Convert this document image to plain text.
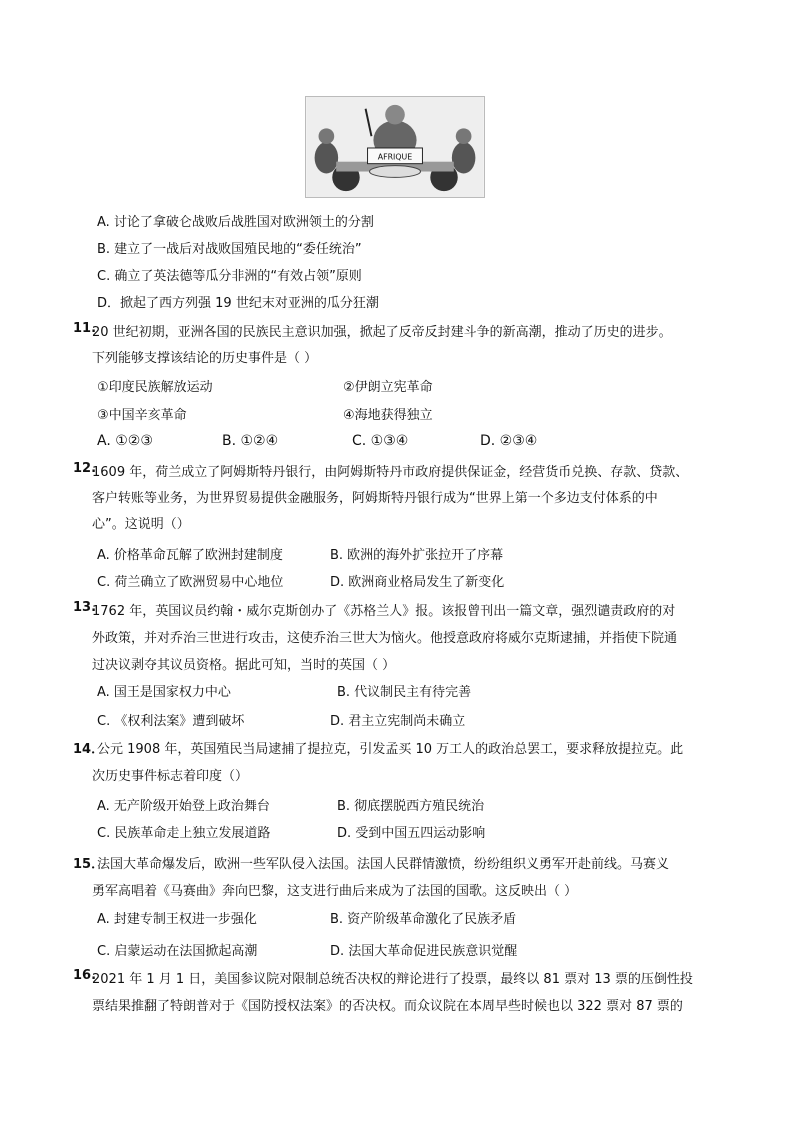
AFRIQUE
A. 讨论了拿破仑战败后战胜国对欧洲领土的分割
B. 建立了一战后对战败国殖民地的“委任统治”
C. 确立了英法德等瓜分非洲的“有效占领”原则
D．掀起了西方列强 19 世纪末对亚洲的瓜分狂潮
11.
20 世纪初期，亚洲各国的民族民主意识加强，掀起了反帝反封建斗争的新高潮，推动了历史的进步。
下列能够支撑该结论的历史事件是（ ）
①印度民族解放运动	②伊朗立宪革命
③中国辛亥革命	④海地获得独立
A. ①②③	B. ①②④	C. ①③④	D. ②③④
12.
1609 年，荷兰成立了阿姆斯特丹银行，由阿姆斯特丹市政府提供保证金，经营货币兑换、存款、贷款、
客户转账等业务，为世界贸易提供金融服务，阿姆斯特丹银行成为“世界上第一个多边支付体系的中
心”。这说明（）
A. 价格革命瓦解了欧洲封建制度	B. 欧洲的海外扩张拉开了序幕
C. 荷兰确立了欧洲贸易中心地位	D. 欧洲商业格局发生了新变化
13.
1762 年，英国议员约翰・威尔克斯创办了《苏格兰人》报。该报曾刊出一篇文章，强烈谴责政府的对
外政策，并对乔治三世进行攻击，这使乔治三世大为恼火。他授意政府将威尔克斯逮捕，并指使下院通
过决议剥夺其议员资格。据此可知，当时的英国（ ）
A. 国王是国家权力中心	B. 代议制民主有待完善
C. 《权利法案》遭到破坏	D. 君主立宪制尚未确立
14．
公元 1908 年，英国殖民当局逮捕了提拉克，引发孟买 10 万工人的政治总罢工，要求释放提拉克。此
次历史事件标志着印度（）
A. 无产阶级开始登上政治舞台	B. 彻底摆脱西方殖民统治
C. 民族革命走上独立发展道路	D. 受到中国五四运动影响
15．
法国大革命爆发后，欧洲一些军队侵入法国。法国人民群情激愤，纷纷组织义勇军开赴前线。马赛义
勇军高唱着《马赛曲》奔向巴黎，这支进行曲后来成为了法国的国歌。这反映出（ ）
A. 封建专制王权进一步强化	B. 资产阶级革命激化了民族矛盾
C. 启蒙运动在法国掀起高潮	D. 法国大革命促进民族意识觉醒
16.
2021 年 1 月 1 日，美国参议院对限制总统否决权的辩论进行了投票，最终以 81 票对 13 票的压倒性投
票结果推翻了特朗普对于《国防授权法案》的否决权。而众议院在本周早些时候也以 322 票对 87 票的
